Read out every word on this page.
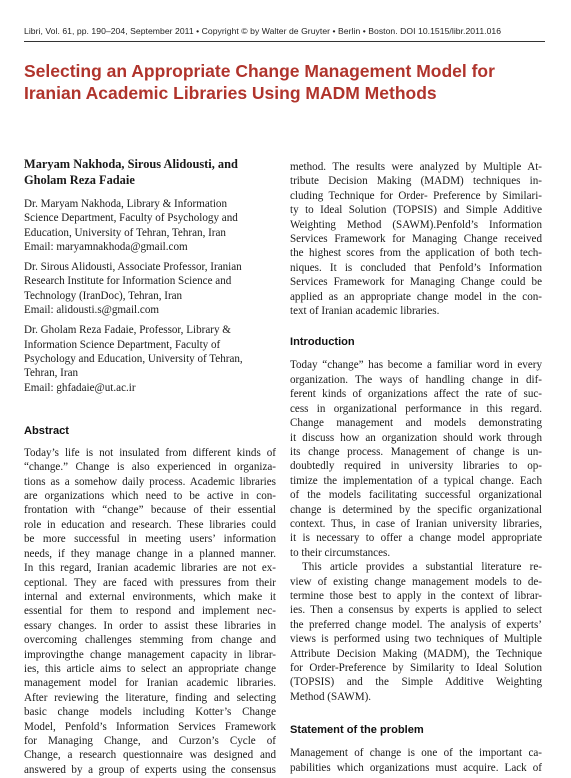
Libri, Vol. 61, pp. 190–204, September 2011 • Copyright © by Walter de Gruyter • Berlin • Boston. DOI 10.1515/libr.2011.016
Selecting an Appropriate Change Management Model for
Iranian Academic Libraries Using MADM Methods
Maryam Nakhoda, Sirous Alidousti, and
Gholam Reza Fadaie
Dr. Maryam Nakhoda, Library & Information
Science Department, Faculty of Psychology and
Education, University of Tehran, Tehran, Iran
Email: maryamnakhoda@gmail.com
Dr. Sirous Alidousti, Associate Professor, Iranian
Research Institute for Information Science and
Technology (IranDoc), Tehran, Iran
Email: alidousti.s@gmail.com
Dr. Gholam Reza Fadaie, Professor, Library &
Information Science Department, Faculty of
Psychology and Education, University of Tehran,
Tehran, Iran
Email: ghfadaie@ut.ac.ir
Abstract
Today’s life is not insulated from different kinds of
“change.” Change is also experienced in organiza-
tions as a somehow daily process. Academic libraries
are organizations which need to be active in con-
frontation with “change” because of their essential
role in education and research. These libraries could
be more successful in meeting users’ information
needs, if they manage change in a planned manner.
In this regard, Iranian academic libraries are not ex-
ceptional. They are faced with pressures from their
internal and external environments, which make it
essential for them to respond and implement nec-
essary changes. In order to assist these libraries in
overcoming challenges stemming from change and
improvingthe change management capacity in librar-
ies, this article aims to select an appropriate change
management model for Iranian academic libraries.
After reviewing the literature, finding and selecting
basic change models including Kotter’s Change
Model, Penfold’s Information Services Framework
for Managing Change, and Curzon’s Cycle of
Change, a research questionnaire was designed and
answered by a group of experts using the consensus
method. The results were analyzed by Multiple At-
tribute Decision Making (MADM) techniques in-
cluding Technique for Order- Preference by Similari-
ty to Ideal Solution (TOPSIS) and Simple Additive
Weighting Method (SAWM).Penfold’s Information
Services Framework for Managing Change received
the highest scores from the application of both tech-
niques. It is concluded that Penfold’s Information
Services Framework for Managing Change could be
applied as an appropriate change model in the con-
text of Iranian academic libraries.
Introduction
Today “change” has become a familiar word in every
organization. The ways of handling change in dif-
ferent kinds of organizations affect the rate of suc-
cess in organizational performance in this regard.
Change management and models demonstrating
it discuss how an organization should work through
its change process. Management of change is un-
doubtedly required in university libraries to op-
timize the implementation of a typical change. Each
of the models facilitating successful organizational
change is determined by the specific organizational
context. Thus, in case of Iranian university libraries,
it is necessary to offer a change model appropriate
to their circumstances.
This article provides a substantial literature re-
view of existing change management models to de-
termine those best to apply in the context of librar-
ies. Then a consensus by experts is applied to select
the preferred change model. The analysis of experts’
views is performed using two techniques of Multiple
Attribute Decision Making (MADM), the Technique
for Order-Preference by Similarity to Ideal Solution
(TOPSIS) and the Simple Additive Weighting
Method (SAWM).
Statement of the problem
Management of change is one of the important ca-
pabilities which organizations must acquire. Lack of
